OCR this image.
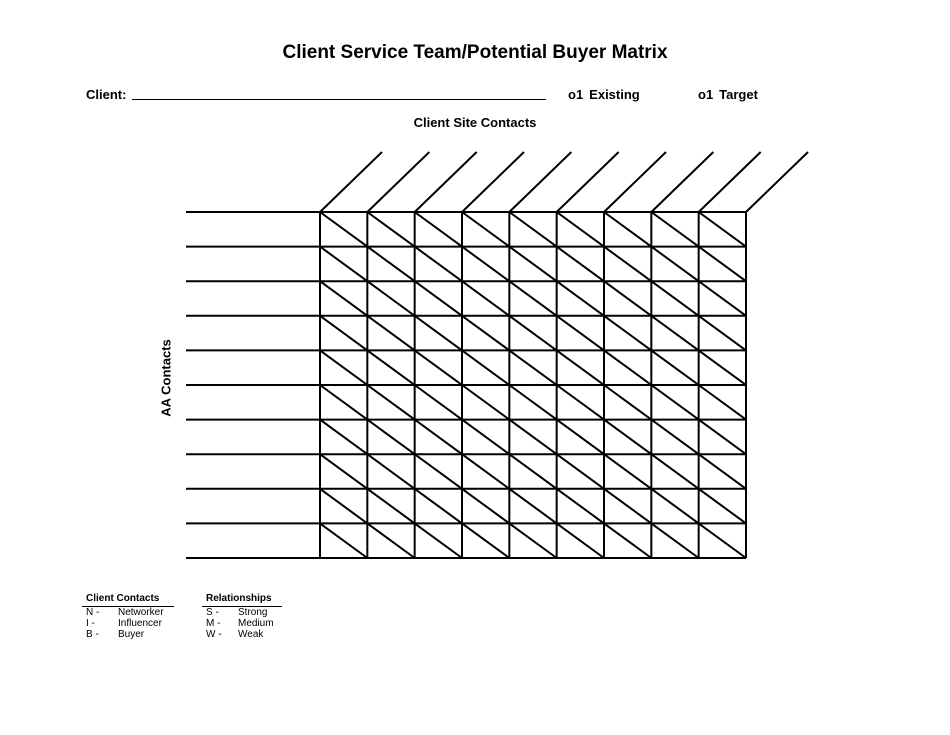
Client Service Team/Potential Buyer Matrix
Client:	o1 Existing	o1 Target
Client Site Contacts
AA Contacts
Client Contacts
N -	Networker
I -	Influencer
B -	Buyer
Relationships
S -	Strong
M -	Medium
W -	Weak
